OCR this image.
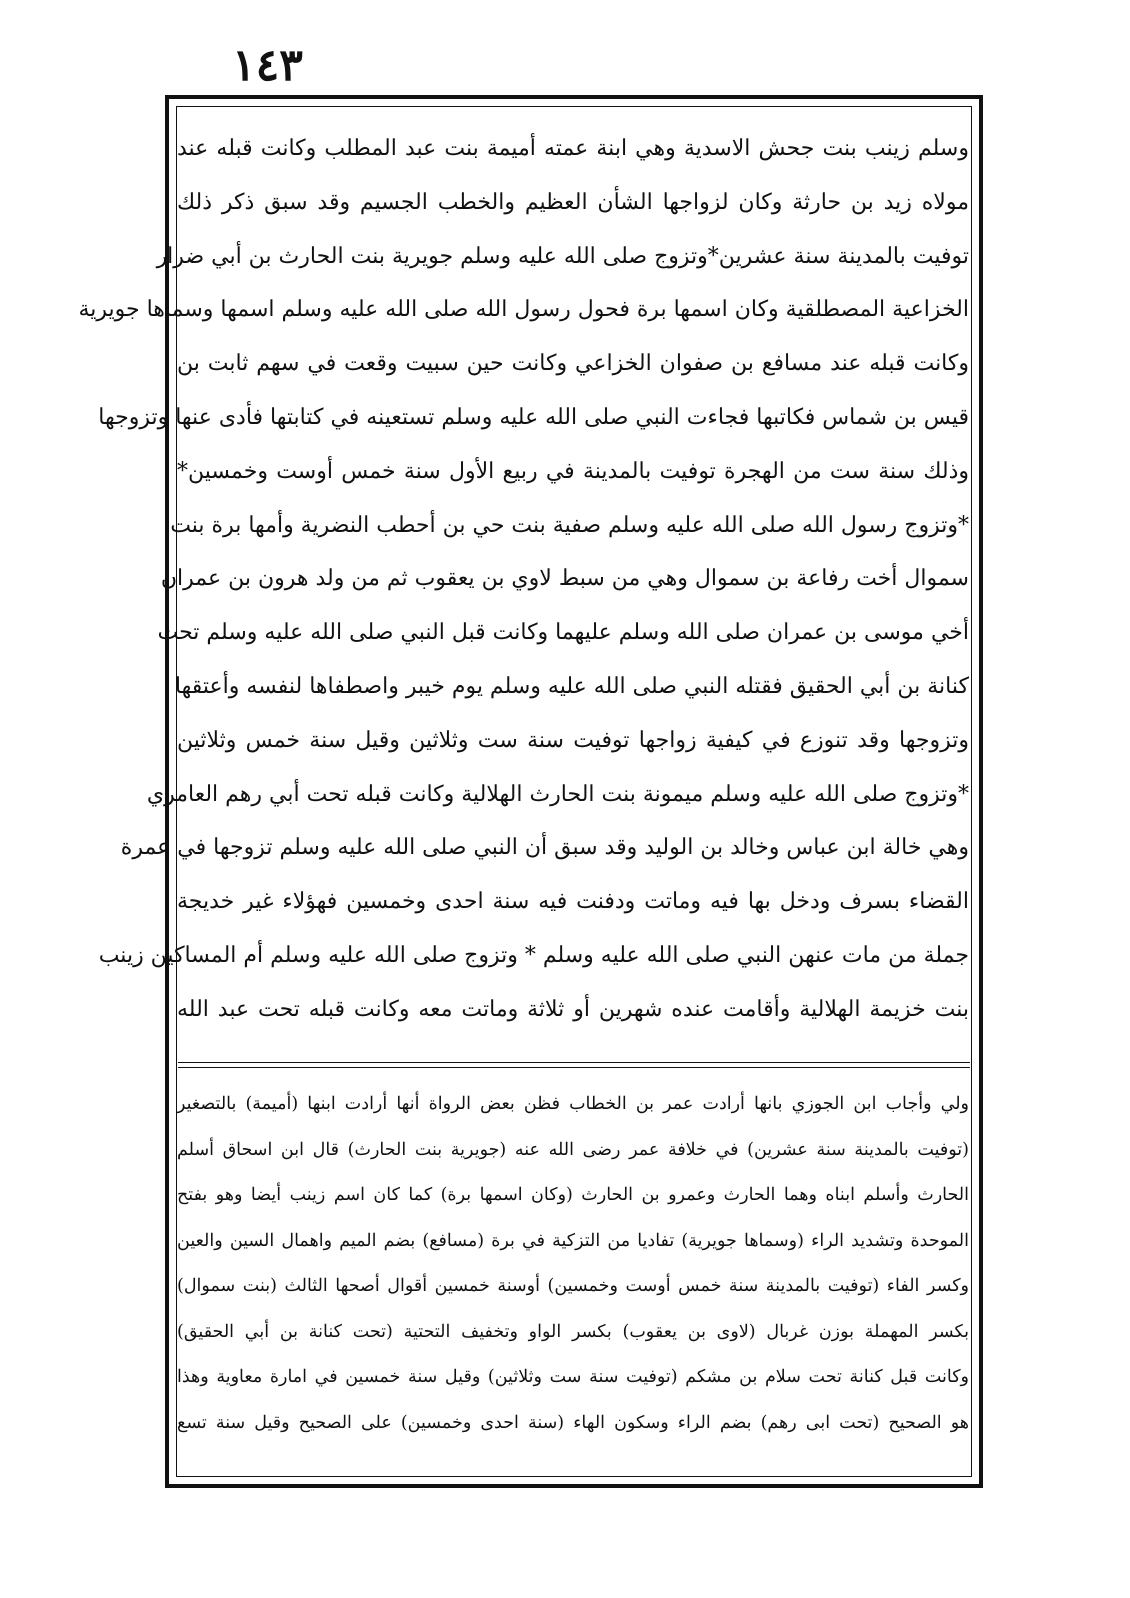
١٤٣
وسلم زينب بنت جحش الاسدية وهي ابنة عمته أميمة بنت عبد المطلب وكانت قبله عند
مولاه زيد بن حارثة وكان لزواجها الشأن العظيم والخطب الجسيم وقد سبق ذكر ذلك
توفيت بالمدينة سنة عشرين*وتزوج صلى الله عليه وسلم جويرية بنت الحارث بن أبي ضرار
الخزاعية المصطلقية وكان اسمها برة فحول رسول الله صلى الله عليه وسلم اسمها وسماها جويرية
وكانت قبله عند مسافع بن صفوان الخزاعي وكانت حين سبيت وقعت في سهم ثابت بن
قيس بن شماس فكاتبها فجاءت النبي صلى الله عليه وسلم تستعينه في كتابتها فأدى عنها وتزوجها
وذلك سنة ست من الهجرة توفيت بالمدينة في ربيع الأول سنة خمس أوست وخمسين*
*وتزوج رسول الله صلى الله عليه وسلم صفية بنت حي بن أحطب النضرية وأمها برة بنت
سموال أخت رفاعة بن سموال وهي من سبط لاوي بن يعقوب ثم من ولد هرون بن عمران
أخي موسى بن عمران صلى الله وسلم عليهما وكانت قبل النبي صلى الله عليه وسلم تحت
كنانة بن أبي الحقيق فقتله النبي صلى الله عليه وسلم يوم خيبر واصطفاها لنفسه وأعتقها
وتزوجها وقد تنوزع في كيفية زواجها توفيت سنة ست وثلاثين وقيل سنة خمس وثلاثين
*وتزوج صلى الله عليه وسلم ميمونة بنت الحارث الهلالية وكانت قبله تحت أبي رهم العامري
وهي خالة ابن عباس وخالد بن الوليد وقد سبق أن النبي صلى الله عليه وسلم تزوجها في عمرة
القضاء بسرف ودخل بها فيه وماتت ودفنت فيه سنة احدى وخمسين فهؤلاء غير خديجة
جملة من مات عنهن النبي صلى الله عليه وسلم * وتزوج صلى الله عليه وسلم أم المساكين زينب
بنت خزيمة الهلالية وأقامت عنده شهرين أو ثلاثة وماتت معه وكانت قبله تحت عبد الله
ولي وأجاب ابن الجوزي بانها أرادت عمر بن الخطاب فظن بعض الرواة أنها أرادت ابنها (أميمة) بالتصغير
(توفيت بالمدينة سنة عشرين) في خلافة عمر رضى الله عنه (جويرية بنت الحارث) قال ابن اسحاق أسلم
الحارث وأسلم ابناه وهما الحارث وعمرو بن الحارث (وكان اسمها برة) كما كان اسم زينب أيضا وهو بفتح
الموحدة وتشديد الراء (وسماها جويرية) تفاديا من التزكية في برة (مسافع) بضم الميم واهمال السين والعين
وكسر الفاء (توفيت بالمدينة سنة خمس أوست وخمسين) أوسنة خمسين أقوال أصحها الثالث (بنت سموال)
بكسر المهملة بوزن غربال (لاوى بن يعقوب) بكسر الواو وتخفيف التحتية (تحت كنانة بن أبي الحقيق)
وكانت قبل كنانة تحت سلام بن مشكم (توفيت سنة ست وثلاثين) وقيل سنة خمسين في امارة معاوية وهذا
هو الصحيح (تحت ابى رهم) بضم الراء وسكون الهاء (سنة احدى وخمسين) على الصحيح وقيل سنة تسع
